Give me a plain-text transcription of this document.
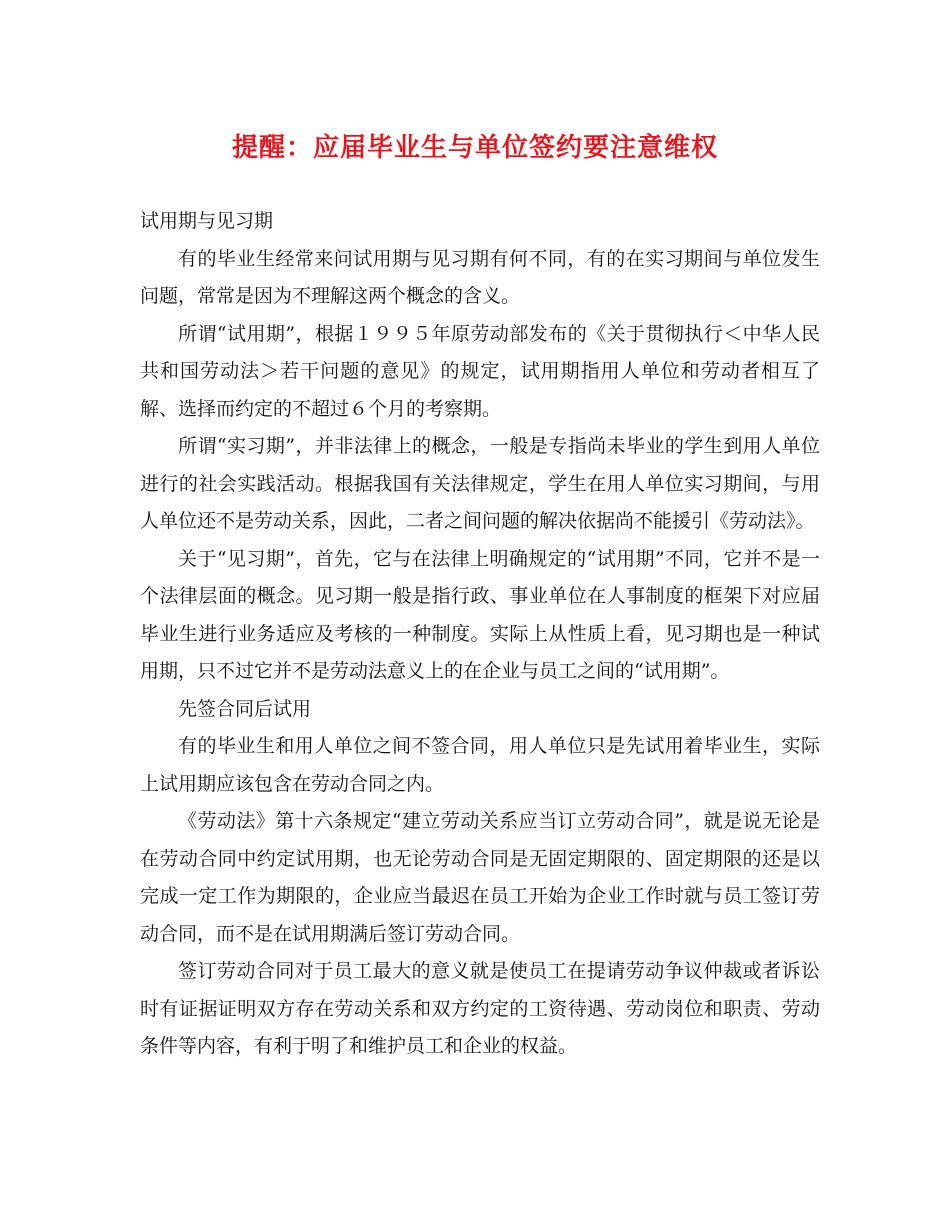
提醒：应届毕业生与单位签约要注意维权

试用期与见习期

有的毕业生经常来问试用期与见习期有何不同，有的在实习期间与单位发生问题，常常是因为不理解这两个概念的含义。

所谓“试用期”，根据１９９５年原劳动部发布的《关于贯彻执行＜中华人民共和国劳动法＞若干问题的意见》的规定，试用期指用人单位和劳动者相互了解、选择而约定的不超过６个月的考察期。

所谓“实习期”，并非法律上的概念，一般是专指尚未毕业的学生到用人单位进行的社会实践活动。根据我国有关法律规定，学生在用人单位实习期间，与用人单位还不是劳动关系，因此，二者之间问题的解决依据尚不能援引《劳动法》。

关于“见习期”，首先，它与在法律上明确规定的“试用期”不同，它并不是一个法律层面的概念。见习期一般是指行政、事业单位在人事制度的框架下对应届毕业生进行业务适应及考核的一种制度。实际上从性质上看，见习期也是一种试用期，只不过它并不是劳动法意义上的在企业与员工之间的“试用期”。

先签合同后试用

有的毕业生和用人单位之间不签合同，用人单位只是先试用着毕业生，实际上试用期应该包含在劳动合同之内。

《劳动法》第十六条规定“建立劳动关系应当订立劳动合同”，就是说无论是在劳动合同中约定试用期，也无论劳动合同是无固定期限的、固定期限的还是以完成一定工作为期限的，企业应当最迟在员工开始为企业工作时就与员工签订劳动合同，而不是在试用期满后签订劳动合同。

签订劳动合同对于员工最大的意义就是使员工在提请劳动争议仲裁或者诉讼时有证据证明双方存在劳动关系和双方约定的工资待遇、劳动岗位和职责、劳动条件等内容，有利于明了和维护员工和企业的权益。
